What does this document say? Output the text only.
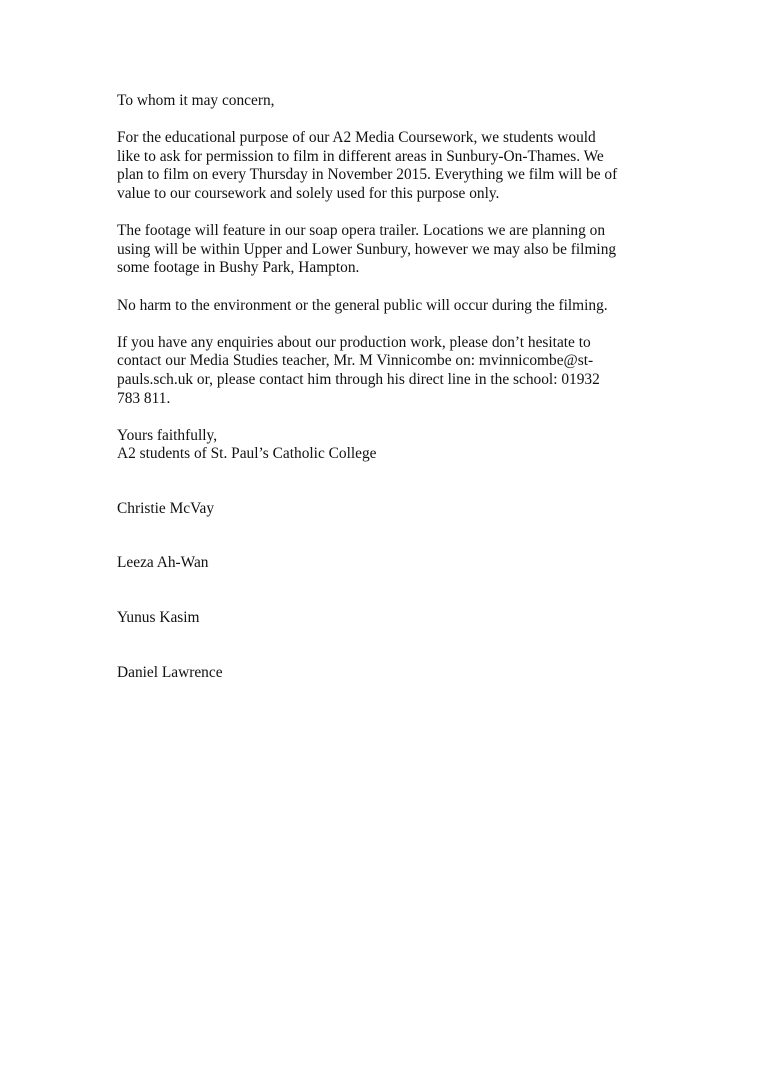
To whom it may concern,
For the educational purpose of our A2 Media Coursework, we students would
like to ask for permission to film in different areas in Sunbury-On-Thames. We
plan to film on every Thursday in November 2015. Everything we film will be of
value to our coursework and solely used for this purpose only.
The footage will feature in our soap opera trailer. Locations we are planning on
using will be within Upper and Lower Sunbury, however we may also be filming
some footage in Bushy Park, Hampton.
No harm to the environment or the general public will occur during the filming.
If you have any enquiries about our production work, please don’t hesitate to
contact our Media Studies teacher, Mr. M Vinnicombe on: mvinnicombe@st-
pauls.sch.uk or, please contact him through his direct line in the school: 01932
783 811.
Yours faithfully,
A2 students of St. Paul’s Catholic College
Christie McVay
Leeza Ah-Wan
Yunus Kasim
Daniel Lawrence
